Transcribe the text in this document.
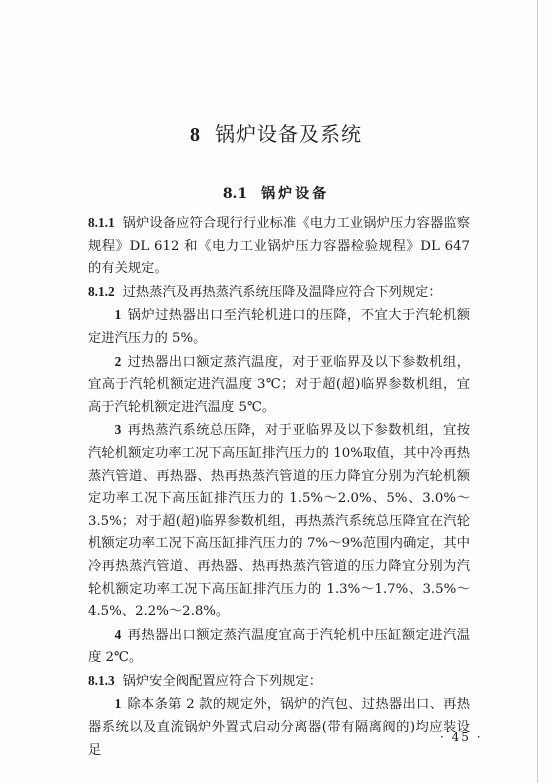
8 锅炉设备及系统
8.1 锅炉设备

8.1.1 锅炉设备应符合现行行业标准《电力工业锅炉压力容器监察规程》DL 612 和《电力工业锅炉压力容器检验规程》DL 647 的有关规定。

8.1.2 过热蒸汽及再热蒸汽系统压降及温降应符合下列规定：

1 锅炉过热器出口至汽轮机进口的压降，不宜大于汽轮机额定进汽压力的 5%。

2 过热器出口额定蒸汽温度，对于亚临界及以下参数机组，宜高于汽轮机额定进汽温度 3℃；对于超(超)临界参数机组，宜高于汽轮机额定进汽温度 5℃。

3 再热蒸汽系统总压降，对于亚临界及以下参数机组，宜按汽轮机额定功率工况下高压缸排汽压力的 10%取值，其中冷再热蒸汽管道、再热器、热再热蒸汽管道的压力降宜分别为汽轮机额定功率工况下高压缸排汽压力的 1.5%～2.0%、5%、3.0%～3.5%；对于超(超)临界参数机组，再热蒸汽系统总压降宜在汽轮机额定功率工况下高压缸排汽压力的 7%～9%范围内确定，其中冷再热蒸汽管道、再热器、热再热蒸汽管道的压力降宜分别为汽轮机额定功率工况下高压缸排汽压力的 1.3%～1.7%、3.5%～4.5%、2.2%～2.8%。

4 再热器出口额定蒸汽温度宜高于汽轮机中压缸额定进汽温度 2℃。

8.1.3 锅炉安全阀配置应符合下列规定：

1 除本条第 2 款的规定外，锅炉的汽包、过热器出口、再热器系统以及直流锅炉外置式启动分离器(带有隔离阀的)均应装设足

· 45 ·
